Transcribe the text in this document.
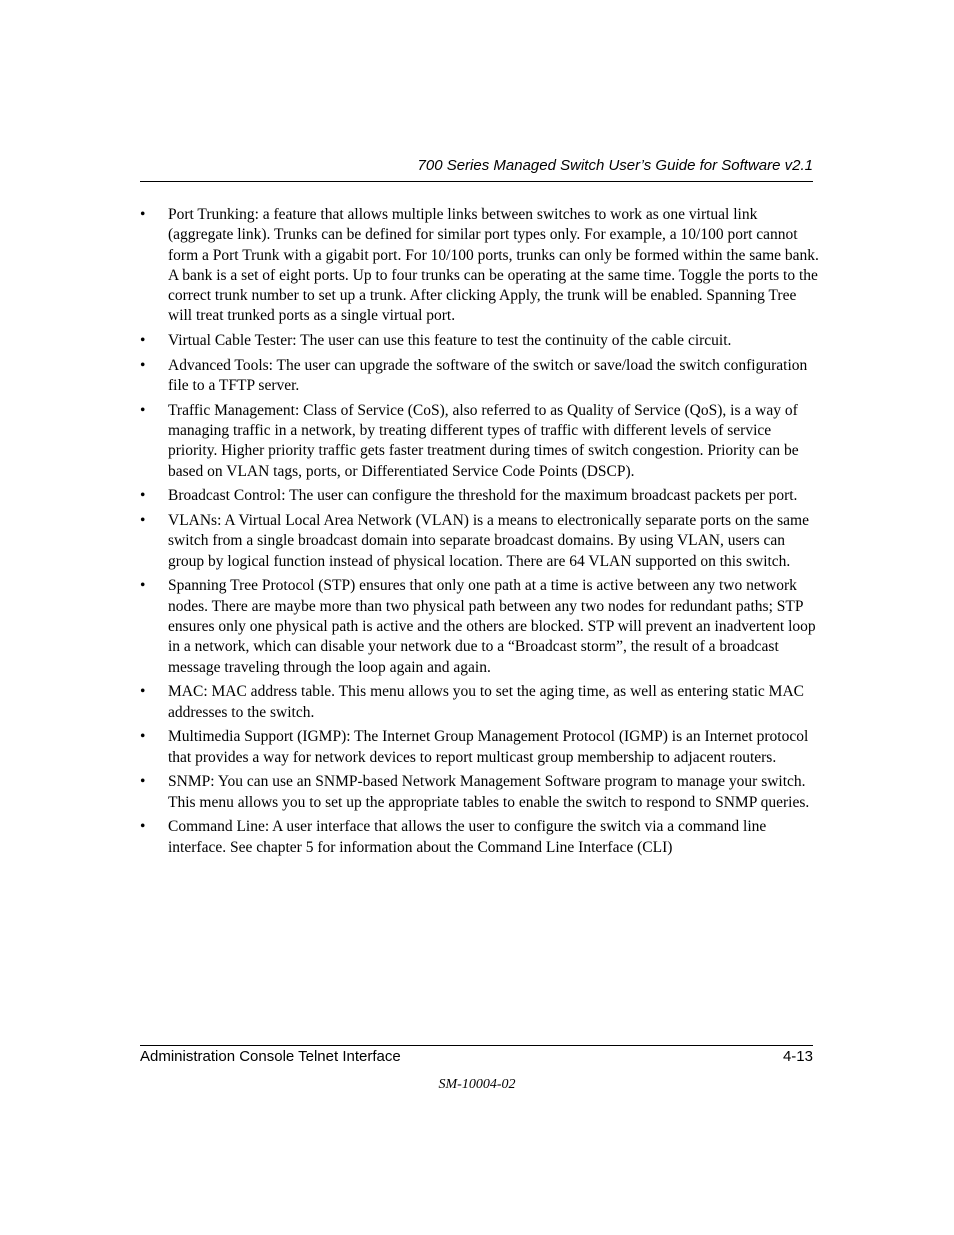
700 Series Managed Switch User’s Guide for Software v2.1
• Port Trunking: a feature that allows multiple links between switches to work as one virtual link (aggregate link). Trunks can be defined for similar port types only. For example, a 10/100 port cannot form a Port Trunk with a gigabit port. For 10/100 ports, trunks can only be formed within the same bank. A bank is a set of eight ports. Up to four trunks can be operating at the same time. Toggle the ports to the correct trunk number to set up a trunk. After clicking Apply, the trunk will be enabled. Spanning Tree will treat trunked ports as a single virtual port.
• Virtual Cable Tester: The user can use this feature to test the continuity of the cable circuit.
• Advanced Tools: The user can upgrade the software of the switch or save/load the switch configuration file to a TFTP server.
• Traffic Management: Class of Service (CoS), also referred to as Quality of Service (QoS), is a way of managing traffic in a network, by treating different types of traffic with different levels of service priority. Higher priority traffic gets faster treatment during times of switch congestion. Priority can be based on VLAN tags, ports, or Differentiated Service Code Points (DSCP).
• Broadcast Control: The user can configure the threshold for the maximum broadcast packets per port.
• VLANs: A Virtual Local Area Network (VLAN) is a means to electronically separate ports on the same switch from a single broadcast domain into separate broadcast domains. By using VLAN, users can group by logical function instead of physical location. There are 64 VLAN supported on this switch.
• Spanning Tree Protocol (STP) ensures that only one path at a time is active between any two network nodes. There are maybe more than two physical path between any two nodes for redundant paths; STP ensures only one physical path is active and the others are blocked. STP will prevent an inadvertent loop in a network, which can disable your network due to a “Broadcast storm”, the result of a broadcast message traveling through the loop again and again.
• MAC: MAC address table. This menu allows you to set the aging time, as well as entering static MAC addresses to the switch.
• Multimedia Support (IGMP): The Internet Group Management Protocol (IGMP) is an Internet protocol that provides a way for network devices to report multicast group membership to adjacent routers.
• SNMP: You can use an SNMP-based Network Management Software program to manage your switch. This menu allows you to set up the appropriate tables to enable the switch to respond to SNMP queries.
• Command Line: A user interface that allows the user to configure the switch via a command line interface. See chapter 5 for information about the Command Line Interface (CLI)
Administration Console Telnet Interface	4-13
SM-10004-02
